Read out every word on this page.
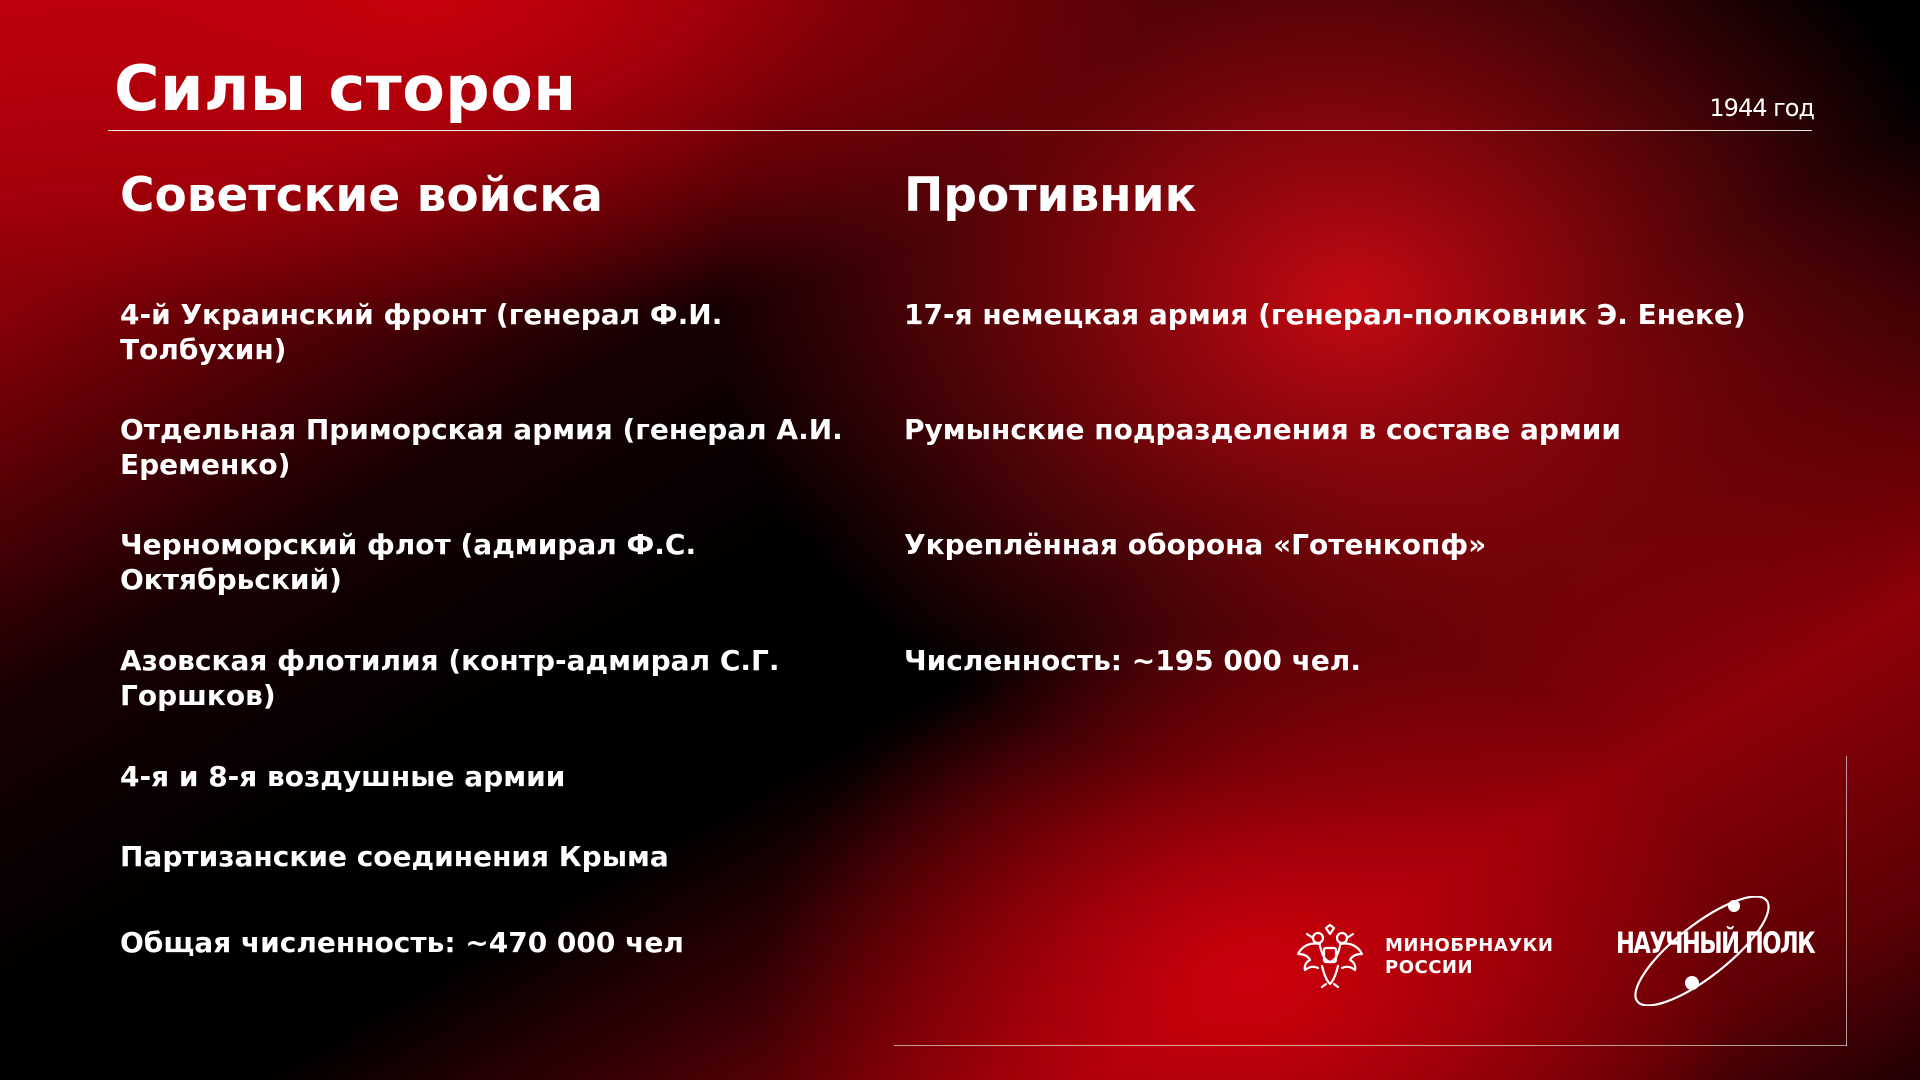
Силы сторон	1944 год
Советские войска	Противник
4-й Украинский фронт (генерал Ф.И. Толбухин)
Отдельная Приморская армия (генерал А.И. Еременко)
Черноморский флот (адмирал Ф.С. Октябрьский)
Азовская флотилия (контр-адмирал С.Г. Горшков)
4-я и 8-я воздушные армии
Партизанские соединения Крыма
Общая численность: ~470 000 чел
17-я немецкая армия (генерал-полковник Э. Енеке)
Румынские подразделения в составе армии
Укреплённая оборона «Готенкопф»
Численность: ~195 000 чел.
МИНОБРНАУКИ
РОССИИ
НАУЧНЫЙ ПОЛК
